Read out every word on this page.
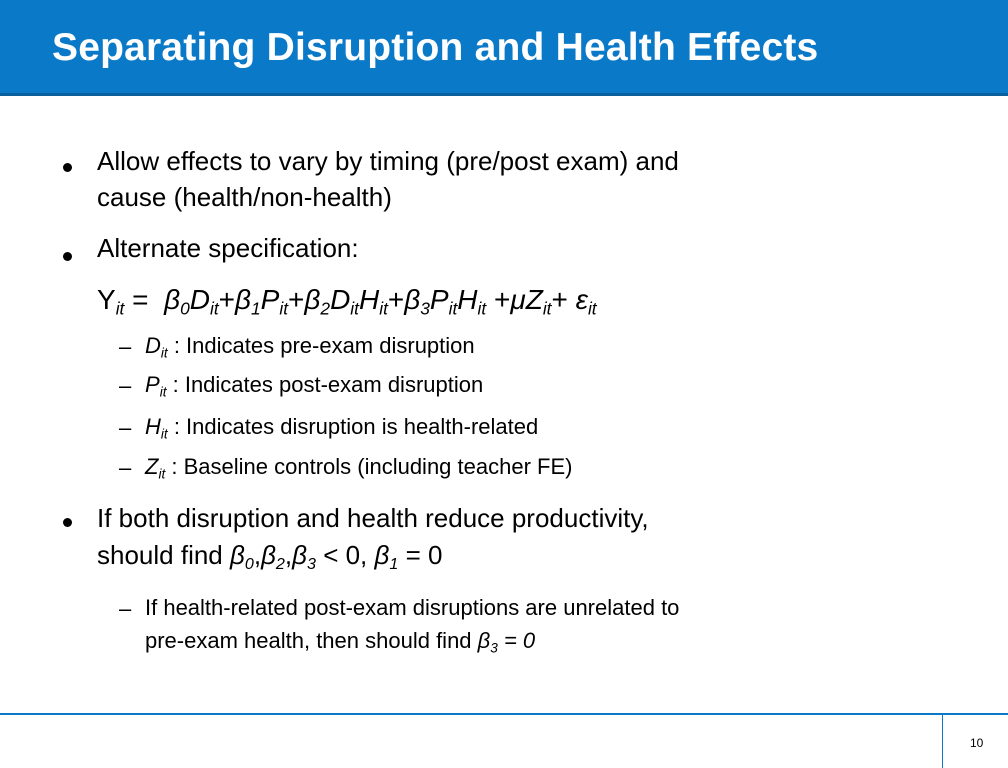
Separating Disruption and Health Effects
Allow effects to vary by timing (pre/post exam) and
cause (health/non-health)
Alternate specification:
$Y_{it} = \beta_0D_{it}+\beta_1P_{it}+\beta_2D_{it}H_{it}+\beta_3P_{it}H_{it} +\mu Z_{it}+ \varepsilon_{it}$
– $D_{it}$ : Indicates pre-exam disruption
– $P_{it}$ : Indicates post-exam disruption
– $H_{it}$ : Indicates disruption is health-related
– $Z_{it}$ : Baseline controls (including teacher FE)
If both disruption and health reduce productivity,
should find $\beta_0,\beta_2,\beta_3 < 0$, $\beta_1 = 0$
– If health-related post-exam disruptions are unrelated to
pre-exam health, then should find $\beta_3 = 0$
10
